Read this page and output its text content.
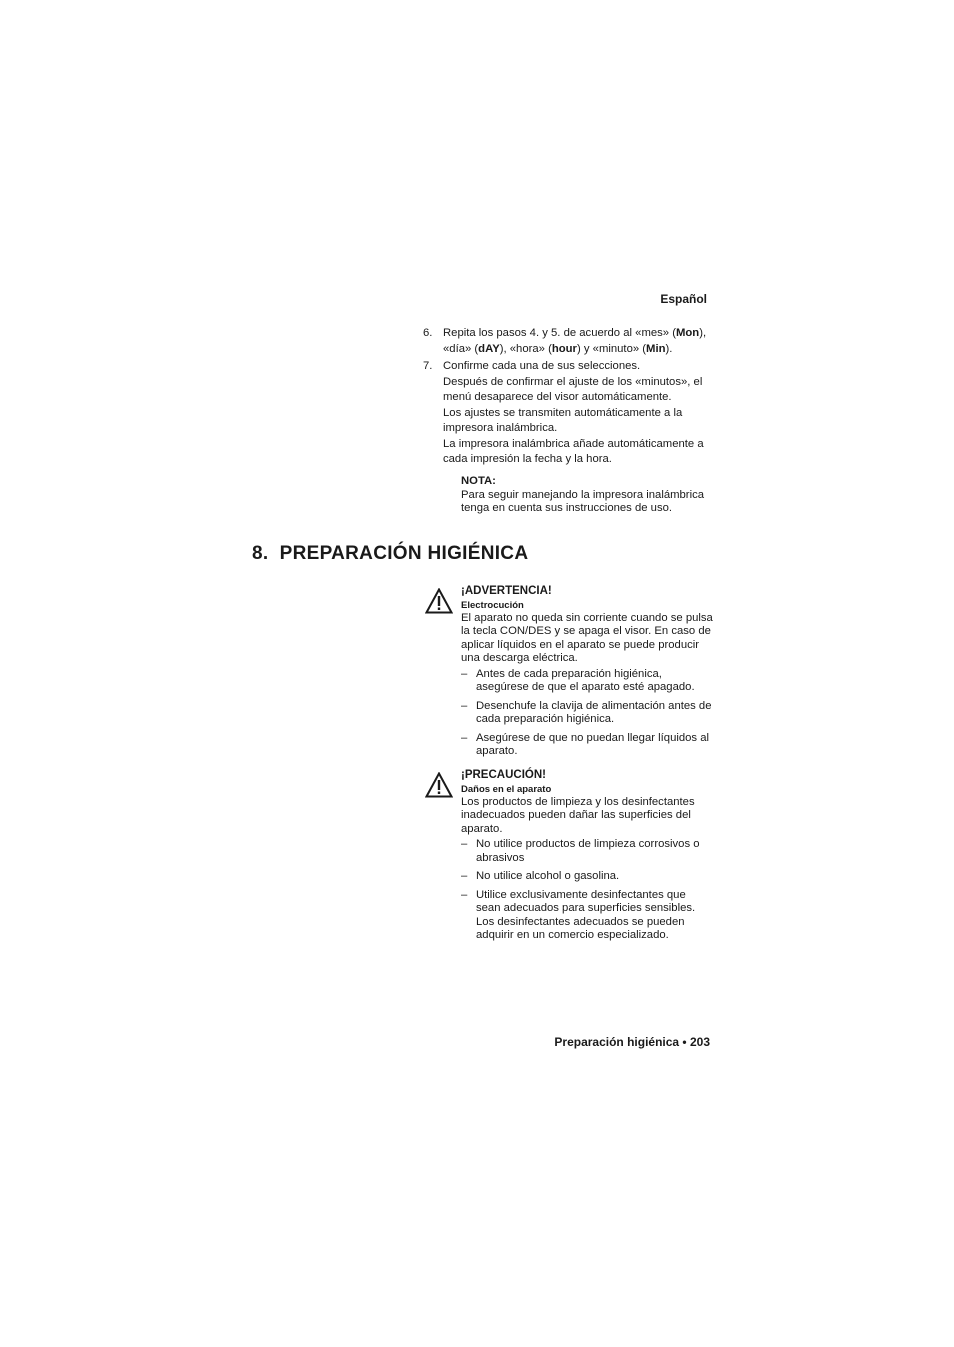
Español
6. Repita los pasos 4. y 5. de acuerdo al «mes» (Mon), «día» (dAY), «hora» (hour) y «minuto» (Min).

7. Confirme cada una de sus selecciones.

Después de confirmar el ajuste de los «minutos», el menú desaparece del visor automáticamente.

Los ajustes se transmiten automáticamente a la impresora inalámbrica.

La impresora inalámbrica añade automáticamente a cada impresión la fecha y la hora.

NOTA:
Para seguir manejando la impresora inalámbrica tenga en cuenta sus instrucciones de uso.
8.  PREPARACIÓN HIGIÉNICA
¡ADVERTENCIA!
Electrocución
El aparato no queda sin corriente cuando se pulsa la tecla CON/DES y se apaga el visor. En caso de aplicar líquidos en el aparato se puede producir una descarga eléctrica.
– Antes de cada preparación higiénica, asegúrese de que el aparato esté apagado.
– Desenchufe la clavija de alimentación antes de cada preparación higiénica.
– Asegúrese de que no puedan llegar líquidos al aparato.
¡PRECAUCIÓN!
Daños en el aparato
Los productos de limpieza y los desinfectantes inadecuados pueden dañar las superficies del aparato.
– No utilice productos de limpieza corrosivos o abrasivos
– No utilice alcohol o gasolina.
– Utilice exclusivamente desinfectantes que sean adecuados para superficies sensibles. Los desinfectantes adecuados se pueden adquirir en un comercio especializado.
Preparación higiénica • 203
